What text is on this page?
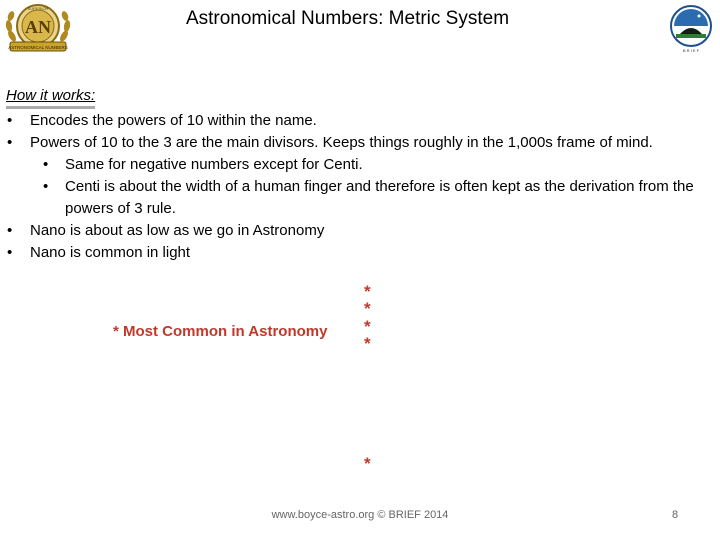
AN
SUPERIOR
ASTRONOMICAL NUMBERS
Astronomical Numbers: Metric System
B R I E F
How it works:
• Encodes the powers of 10 within the name.
• Powers of 10 to the 3 are the main divisors. Keeps things roughly in the 1,000s frame of mind.
• Same for negative numbers except for Centi.
• Centi is about the width of a human finger and therefore is often kept as the derivation from the powers of 3 rule.
• Nano is about as low as we go in Astronomy
• Nano is common in light
* Most Common in Astronomy
*
*
*
*
*
www.boyce-astro.org © BRIEF 2014	8
